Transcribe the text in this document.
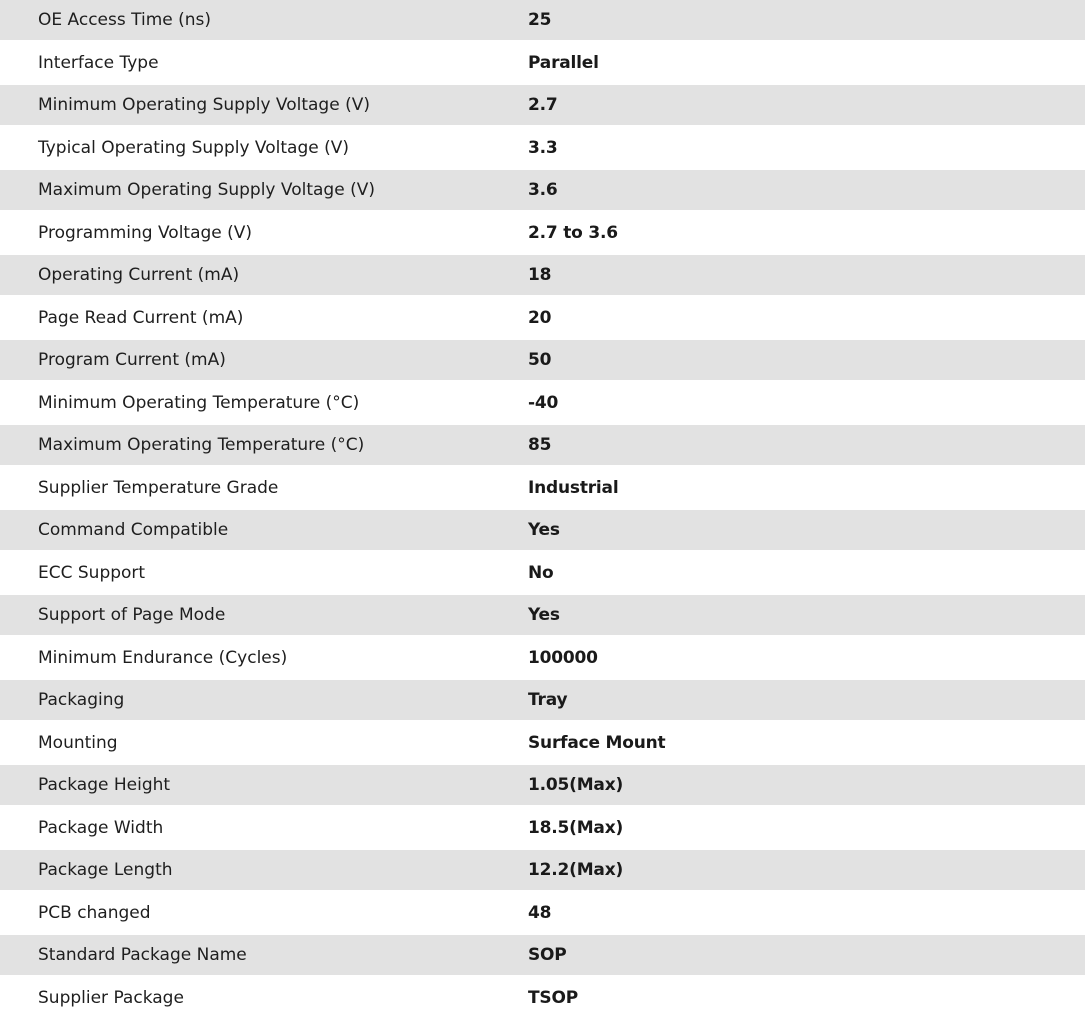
OE Access Time (ns)	25
Interface Type	Parallel
Minimum Operating Supply Voltage (V)	2.7
Typical Operating Supply Voltage (V)	3.3
Maximum Operating Supply Voltage (V)	3.6
Programming Voltage (V)	2.7 to 3.6
Operating Current (mA)	18
Page Read Current (mA)	20
Program Current (mA)	50
Minimum Operating Temperature (°C)	-40
Maximum Operating Temperature (°C)	85
Supplier Temperature Grade	Industrial
Command Compatible	Yes
ECC Support	No
Support of Page Mode	Yes
Minimum Endurance (Cycles)	100000
Packaging	Tray
Mounting	Surface Mount
Package Height	1.05(Max)
Package Width	18.5(Max)
Package Length	12.2(Max)
PCB changed	48
Standard Package Name	SOP
Supplier Package	TSOP
